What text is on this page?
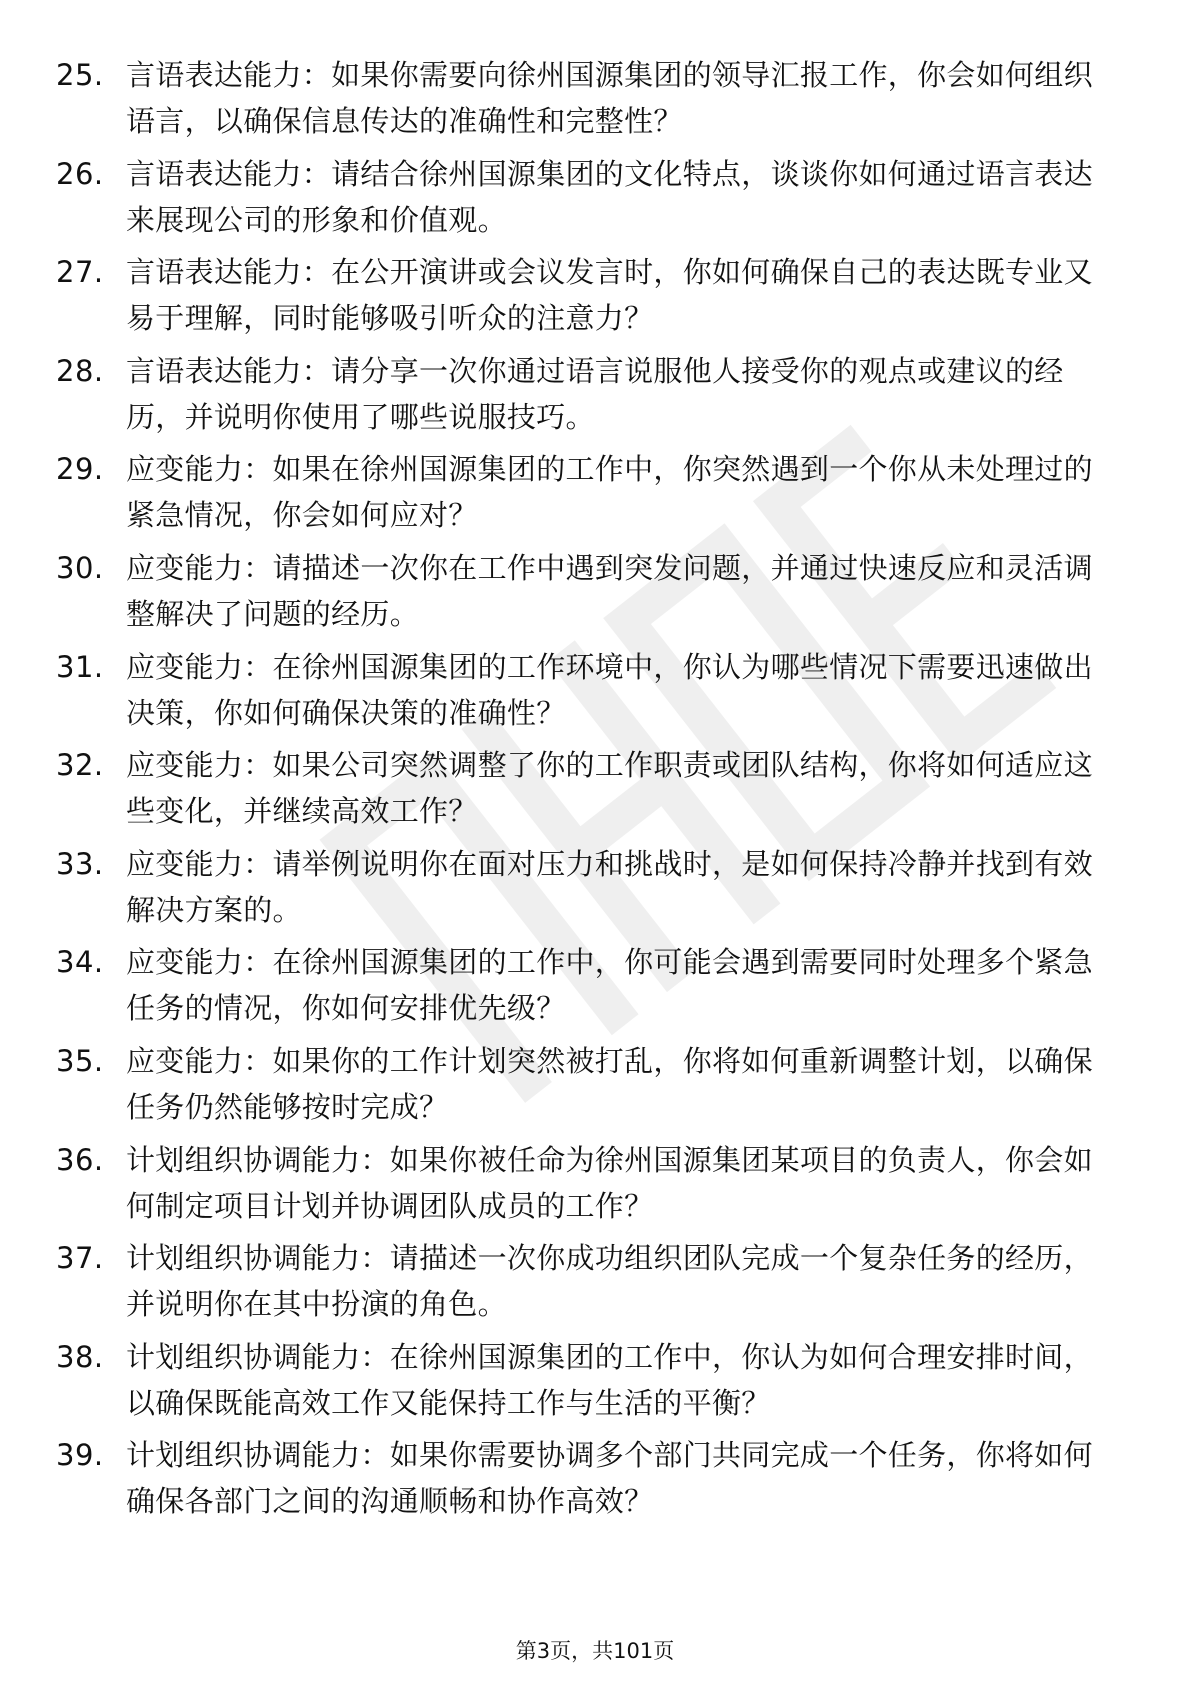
25. 言语表达能力：如果你需要向徐州国源集团的领导汇报工作，你会如何组织语言，以确保信息传达的准确性和完整性？
26. 言语表达能力：请结合徐州国源集团的文化特点，谈谈你如何通过语言表达来展现公司的形象和价值观。
27. 言语表达能力：在公开演讲或会议发言时，你如何确保自己的表达既专业又易于理解，同时能够吸引听众的注意力？
28. 言语表达能力：请分享一次你通过语言说服他人接受你的观点或建议的经历，并说明你使用了哪些说服技巧。
29. 应变能力：如果在徐州国源集团的工作中，你突然遇到一个你从未处理过的紧急情况，你会如何应对？
30. 应变能力：请描述一次你在工作中遇到突发问题，并通过快速反应和灵活调整解决了问题的经历。
31. 应变能力：在徐州国源集团的工作环境中，你认为哪些情况下需要迅速做出决策，你如何确保决策的准确性？
32. 应变能力：如果公司突然调整了你的工作职责或团队结构，你将如何适应这些变化，并继续高效工作？
33. 应变能力：请举例说明你在面对压力和挑战时，是如何保持冷静并找到有效解决方案的。
34. 应变能力：在徐州国源集团的工作中，你可能会遇到需要同时处理多个紧急任务的情况，你如何安排优先级？
35. 应变能力：如果你的工作计划突然被打乱，你将如何重新调整计划，以确保任务仍然能够按时完成？
36. 计划组织协调能力：如果你被任命为徐州国源集团某项目的负责人，你会如何制定项目计划并协调团队成员的工作？
37. 计划组织协调能力：请描述一次你成功组织团队完成一个复杂任务的经历，并说明你在其中扮演的角色。
38. 计划组织协调能力：在徐州国源集团的工作中，你认为如何合理安排时间，以确保既能高效工作又能保持工作与生活的平衡？
39. 计划组织协调能力：如果你需要协调多个部门共同完成一个任务，你将如何确保各部门之间的沟通顺畅和协作高效？
第3页，共101页
